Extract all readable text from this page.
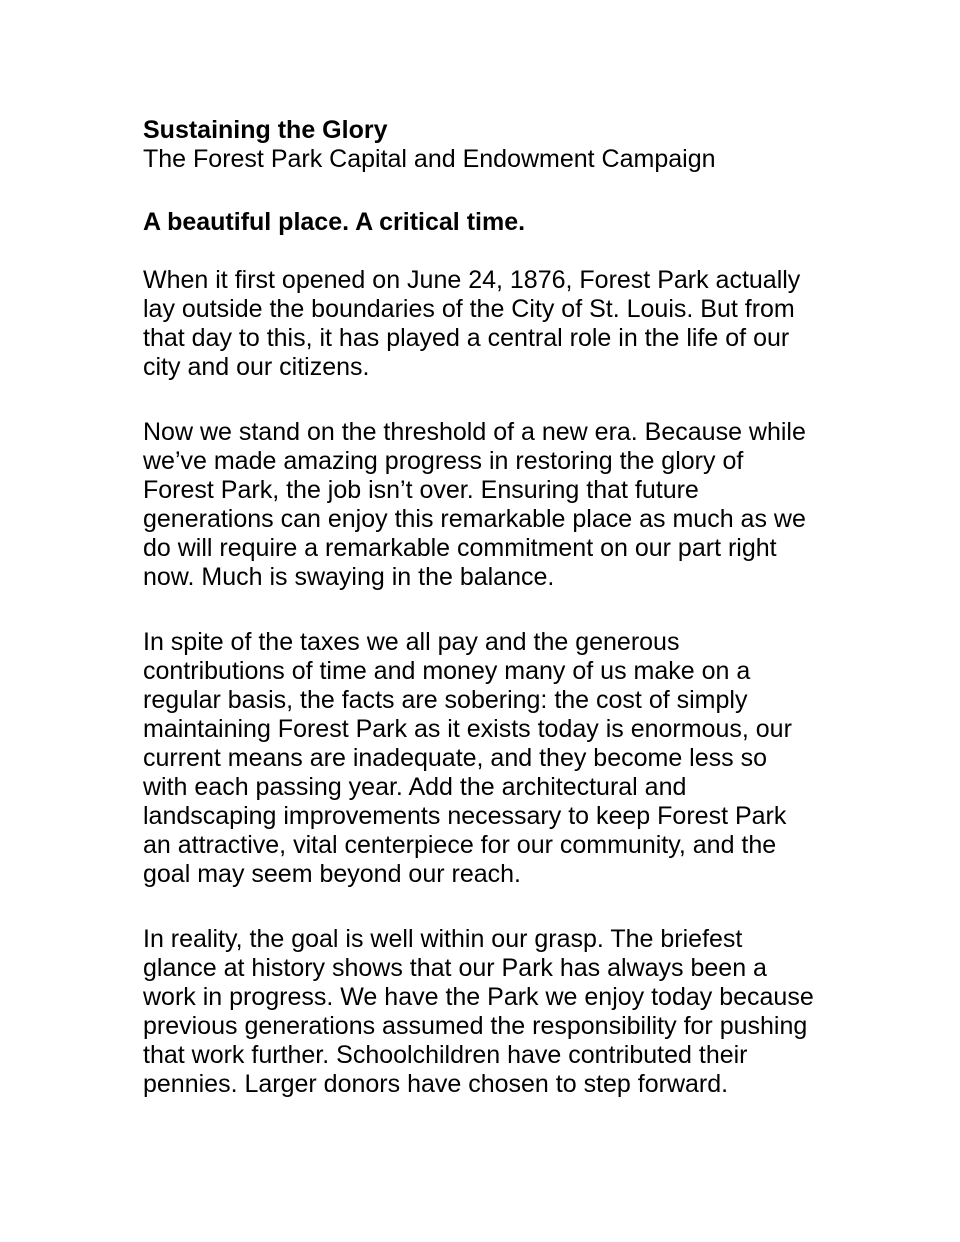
Sustaining the Glory
The Forest Park Capital and Endowment Campaign
A beautiful place. A critical time.

When it first opened on June 24, 1876, Forest Park actually lay outside the boundaries of the City of St. Louis. But from that day to this, it has played a central role in the life of our city and our citizens.

Now we stand on the threshold of a new era. Because while we’ve made amazing progress in restoring the glory of Forest Park, the job isn’t over. Ensuring that future generations can enjoy this remarkable place as much as we do will require a remarkable commitment on our part right now. Much is swaying in the balance.

In spite of the taxes we all pay and the generous contributions of time and money many of us make on a regular basis, the facts are sobering: the cost of simply maintaining Forest Park as it exists today is enormous, our current means are inadequate, and they become less so with each passing year. Add the architectural and landscaping improvements necessary to keep Forest Park an attractive, vital centerpiece for our community, and the goal may seem beyond our reach.

In reality, the goal is well within our grasp. The briefest glance at history shows that our Park has always been a work in progress. We have the Park we enjoy today because previous generations assumed the responsibility for pushing that work further. Schoolchildren have contributed their pennies. Larger donors have chosen to step forward.
